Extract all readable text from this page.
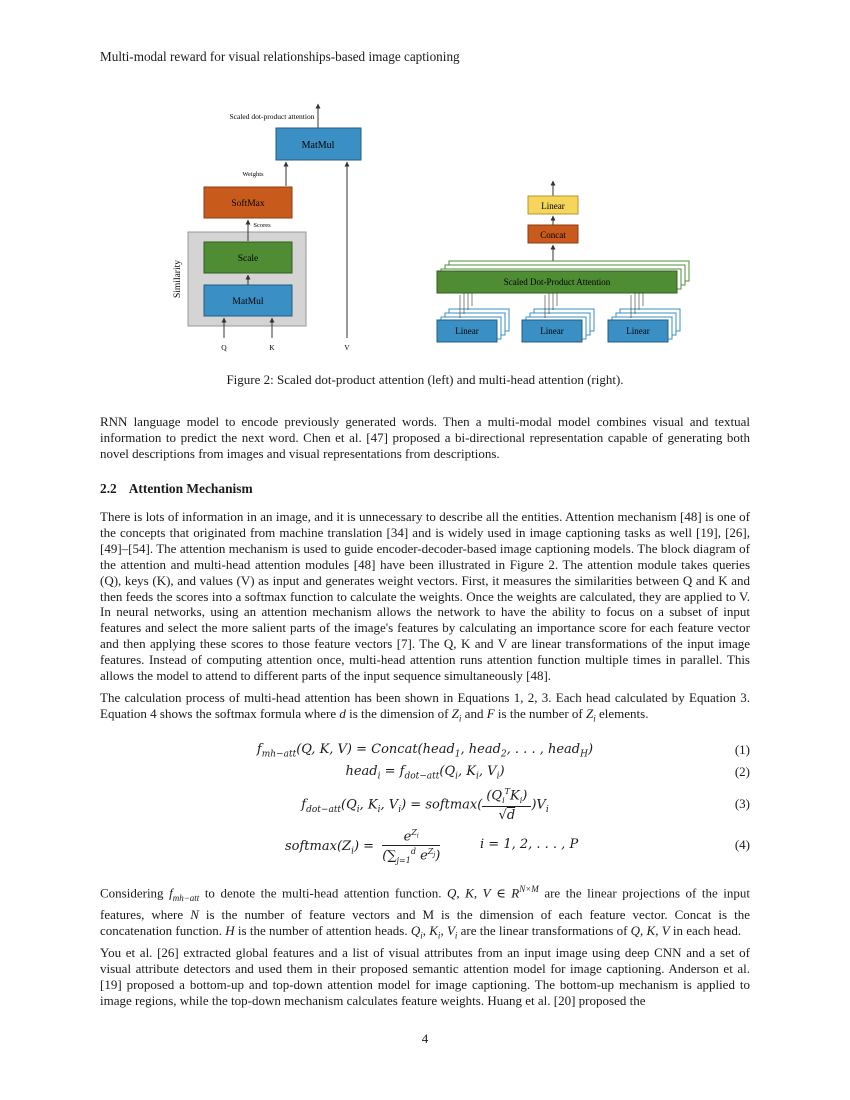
Multi-modal reward for visual relationships-based image captioning
Scaled dot-product attention
MatMul
Weights
SoftMax
Scores
Similarity
Scale
MatMul
Q	K	V
Linear
Concat
Scaled Dot-Product Attention
Linear	Linear	Linear
Figure 2: Scaled dot-product attention (left) and multi-head attention (right).

RNN language model to encode previously generated words. Then a multi-modal model combines visual and textual information to predict the next word. Chen et al. [47] proposed a bi-directional representation capable of generating both novel descriptions from images and visual representations from descriptions.

2.2 Attention Mechanism

There is lots of information in an image, and it is unnecessary to describe all the entities. Attention mechanism [48] is one of the concepts that originated from machine translation [34] and is widely used in image captioning tasks as well [19], [26], [49]–[54]. The attention mechanism is used to guide encoder-decoder-based image captioning models. The block diagram of the attention and multi-head attention modules [48] have been illustrated in Figure 2. The attention module takes queries (Q), keys (K), and values (V) as input and generates weight vectors. First, it measures the similarities between Q and K and then feeds the scores into a softmax function to calculate the weights. Once the weights are calculated, they are applied to V. In neural networks, using an attention mechanism allows the network to have the ability to focus on a subset of input features and select the more salient parts of the image's features by calculating an importance score for each feature vector and then applying these scores to those feature vectors [7]. The Q, K and V are linear transformations of the input image features. Instead of computing attention once, multi-head attention runs attention function multiple times in parallel. This allows the model to attend to different parts of the input sequence simultaneously [48].

The calculation process of multi-head attention has been shown in Equations 1, 2, 3. Each head calculated by Equation 3. Equation 4 shows the softmax formula where d is the dimension of $Z_i$ and F is the number of $Z_i$ elements.

$f_{mh-att}(Q$, K, V) = Concat(head$_1$, head$_2$, . . . , head$_H$)	(1)
head$_i$ = $f_{dot-att}(Q_i$, $K_i$, $V_i$)	(2)
$f_{dot-att}(Q_i$, $K_i$, $V_i$) = softmax( $\frac{(Q_i^TK_i)}{√d} )V_i$	(3)
$softmax(Z_i) = \frac{e^{Z_i}}{(\sum_{j=1}^d e^{Z_j})}$	i = 1, 2, . . . , P	(4)

Considering $f_{mh-att}$ to denote the multi-head attention function. Q, K, V ∈ $R^{N\times M}$ are the linear projections of the input features, where N is the number of feature vectors and M is the dimension of each feature vector. Concat is the concatenation function. H is the number of attention heads. $Q_i$, $K_i$, $V_i$ are the linear transformations of Q, K, V in each head.

You et al. [26] extracted global features and a list of visual attributes from an input image using deep CNN and a set of visual attribute detectors and used them in their proposed semantic attention model for image captioning. Anderson et al. [19] proposed a bottom-up and top-down attention model for image captioning. The bottom-up mechanism is applied to image regions, while the top-down mechanism calculates feature weights. Huang et al. [20] proposed the

4
